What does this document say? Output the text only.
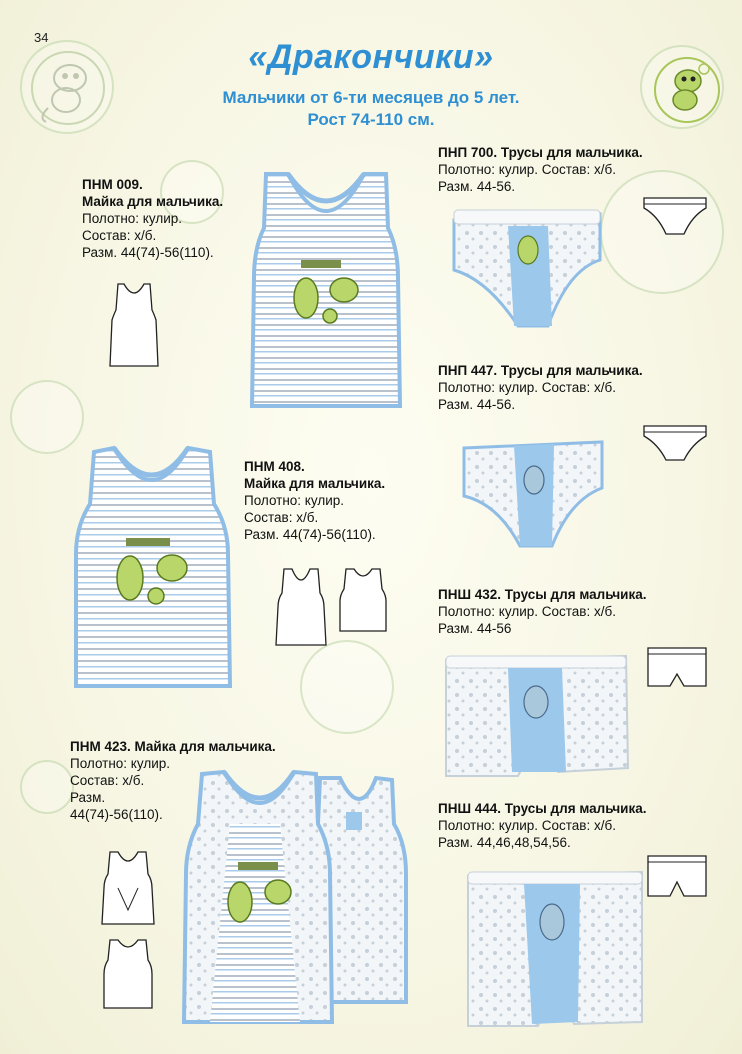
34
«Дракончики»
Мальчики от 6-ти месяцев до 5 лет.
Рост 74-110 см.
ПНМ 009.
Майка для мальчика.
Полотно: кулир.
Состав: х/б.
Разм. 44(74)-56(110).
ПНМ 408.
Майка для мальчика.
Полотно: кулир.
Состав: х/б.
Разм. 44(74)-56(110).
ПНМ 423. Майка для мальчика.
Полотно: кулир.
Состав: х/б.
Разм.
44(74)-56(110).
ПНП 700. Трусы для мальчика.
Полотно: кулир. Состав: х/б.
Разм. 44-56.
ПНП 447. Трусы для мальчика.
Полотно: кулир. Состав: х/б.
Разм. 44-56.
ПНШ 432. Трусы для мальчика.
Полотно: кулир. Состав: х/б.
Разм. 44-56
ПНШ 444. Трусы для мальчика.
Полотно: кулир. Состав: х/б.
Разм. 44,46,48,54,56.
